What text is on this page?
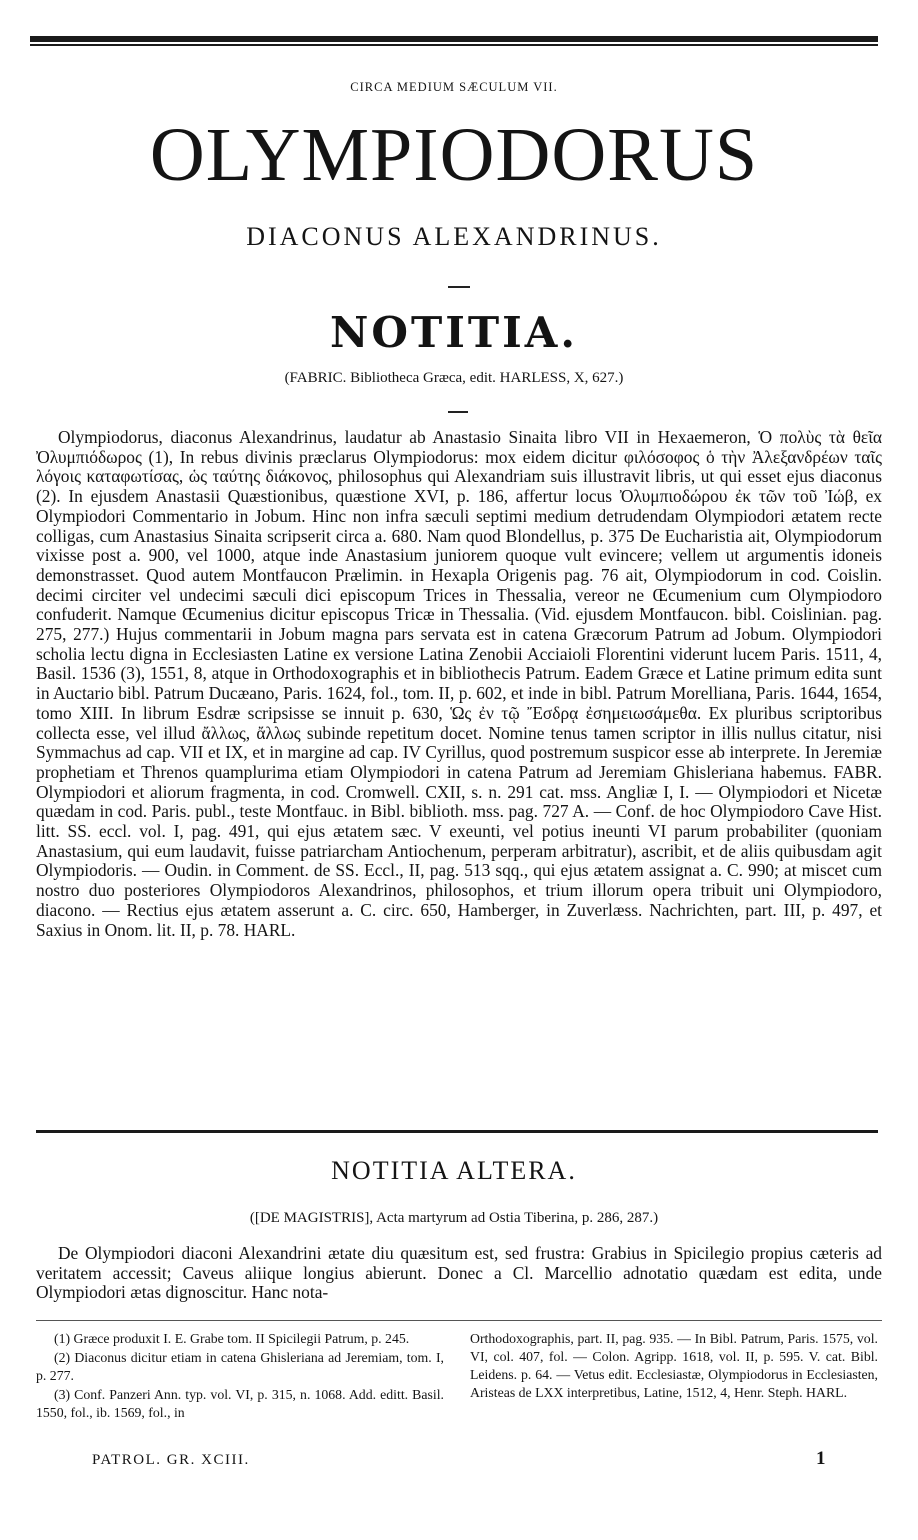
CIRCA MEDIUM SÆCULUM VII.
OLYMPIODORUS
DIACONUS ALEXANDRINUS.
NOTITIA.
(FABRIC. Bibliotheca Græca, edit. HARLESS, X, 627.)
Olympiodorus, diaconus Alexandrinus, laudatur ab Anastasio Sinaita libro VII in Hexaemeron, Ὁ πολὺς τὰ θεῖα Ὀλυμπιόδωρος (1), In rebus divinis præclarus Olympiodorus: mox eidem dicitur φιλόσοφος ὁ τὴν Ἀλεξανδρέων ταῖς λόγοις καταφωτίσας, ὡς ταύτης διάκονος, philosophus qui Alexandriam suis illustravit libris, ut qui esset ejus diaconus (2). In ejusdem Anastasii Quæstionibus, quæstione XVI, p. 186, affertur locus Ὀλυμπιοδώρου ἐκ τῶν τοῦ Ἰώβ, ex Olympiodori Commentario in Jobum. Hinc non infra sæculi septimi medium detrudendam Olympiodori ætatem recte colligas, cum Anastasius Sinaita scripserit circa a. 680. Nam quod Blondellus, p. 375 De Eucharistia ait, Olympiodorum vixisse post a. 900, vel 1000, atque inde Anastasium juniorem quoque vult evincere; vellem ut argumentis idoneis demonstrasset. Quod autem Montfaucon Prælimin. in Hexapla Origenis pag. 76 ait, Olympiodorum in cod. Coislin. decimi circiter vel undecimi sæculi dici episcopum Trices in Thessalia, vereor ne Œcumenium cum Olympiodoro confuderit. Namque Œcumenius dicitur episcopus Tricæ in Thessalia. (Vid. ejusdem Montfaucon. bibl. Coislinian. pag. 275, 277.) Hujus commentarii in Jobum magna pars servata est in catena Græcorum Patrum ad Jobum. Olympiodori scholia lectu digna in Ecclesiasten Latine ex versione Latina Zenobii Acciaioli Florentini viderunt lucem Paris. 1511, 4, Basil. 1536 (3), 1551, 8, atque in Orthodoxographis et in bibliothecis Patrum. Eadem Græce et Latine primum edita sunt in Auctario bibl. Patrum Ducæano, Paris. 1624, fol., tom. II, p. 602, et inde in bibl. Patrum Morelliana, Paris. 1644, 1654, tomo XIII. In librum Esdræ scripsisse se innuit p. 630, Ὡς ἐν τῷ Ἔσδρᾳ ἐσημειωσάμεθα. Ex pluribus scriptoribus collecta esse, vel illud ἄλλως, ἄλλως subinde repetitum docet. Nomine tenus tamen scriptor in illis nullus citatur, nisi Symmachus ad cap. VII et IX, et in margine ad cap. IV Cyrillus, quod postremum suspicor esse ab interprete. In Jeremiæ prophetiam et Threnos quamplurima etiam Olympiodori in catena Patrum ad Jeremiam Ghisleriana habemus. FABR. Olympiodori et aliorum fragmenta, in cod. Cromwell. CXII, s. n. 291 cat. mss. Angliæ I, I. — Olympiodori et Nicetæ quædam in cod. Paris. publ., teste Montfauc. in Bibl. biblioth. mss. pag. 727 A. — Conf. de hoc Olympiodoro Cave Hist. litt. SS. eccl. vol. I, pag. 491, qui ejus ætatem sæc. V exeunti, vel potius ineunti VI parum probabiliter (quoniam Anastasium, qui eum laudavit, fuisse patriarcham Antiochenum, perperam arbitratur), ascribit, et de aliis quibusdam agit Olympiodoris. — Oudin. in Comment. de SS. Eccl., II, pag. 513 sqq., qui ejus ætatem assignat a. C. 990; at miscet cum nostro duo posteriores Olympiodoros Alexandrinos, philosophos, et trium illorum opera tribuit uni Olympiodoro, diacono. — Rectius ejus ætatem asserunt a. C. circ. 650, Hamberger, in Zuverlæss. Nachrichten, part. III, p. 497, et Saxius in Onom. lit. II, p. 78. HARL.
NOTITIA ALTERA.
([DE MAGISTRIS], Acta martyrum ad Ostia Tiberina, p. 286, 287.)
De Olympiodori diaconi Alexandrini ætate diu quæsitum est, sed frustra: Grabius in Spicilegio propius cæteris ad veritatem accessit; Caveus aliique longius abierunt. Donec a Cl. Marcellio adnotatio quædam est edita, unde Olympiodori ætas dignoscitur. Hanc nota-

(1) Græce produxit I. E. Grabe tom. II Spicilegii Patrum, p. 245.

(2) Diaconus dicitur etiam in catena Ghisleriana ad Jeremiam, tom. I, p. 277.

(3) Conf. Panzeri Ann. typ. vol. VI, p. 315, n. 1068. Add. editt. Basil. 1550, fol., ib. 1569, fol., in

Orthodoxographis, part. II, pag. 935. — In Bibl. Patrum, Paris. 1575, vol. VI, col. 407, fol. — Colon. Agripp. 1618, vol. II, p. 595. V. cat. Bibl. Leidens. p. 64. — Vetus edit. Ecclesiastæ, Olympiodorus in Ecclesiasten, Aristeas de LXX interpretibus, Latine, 1512, 4, Henr. Steph. HARL.

PATROL. GR. XCIII.	1
